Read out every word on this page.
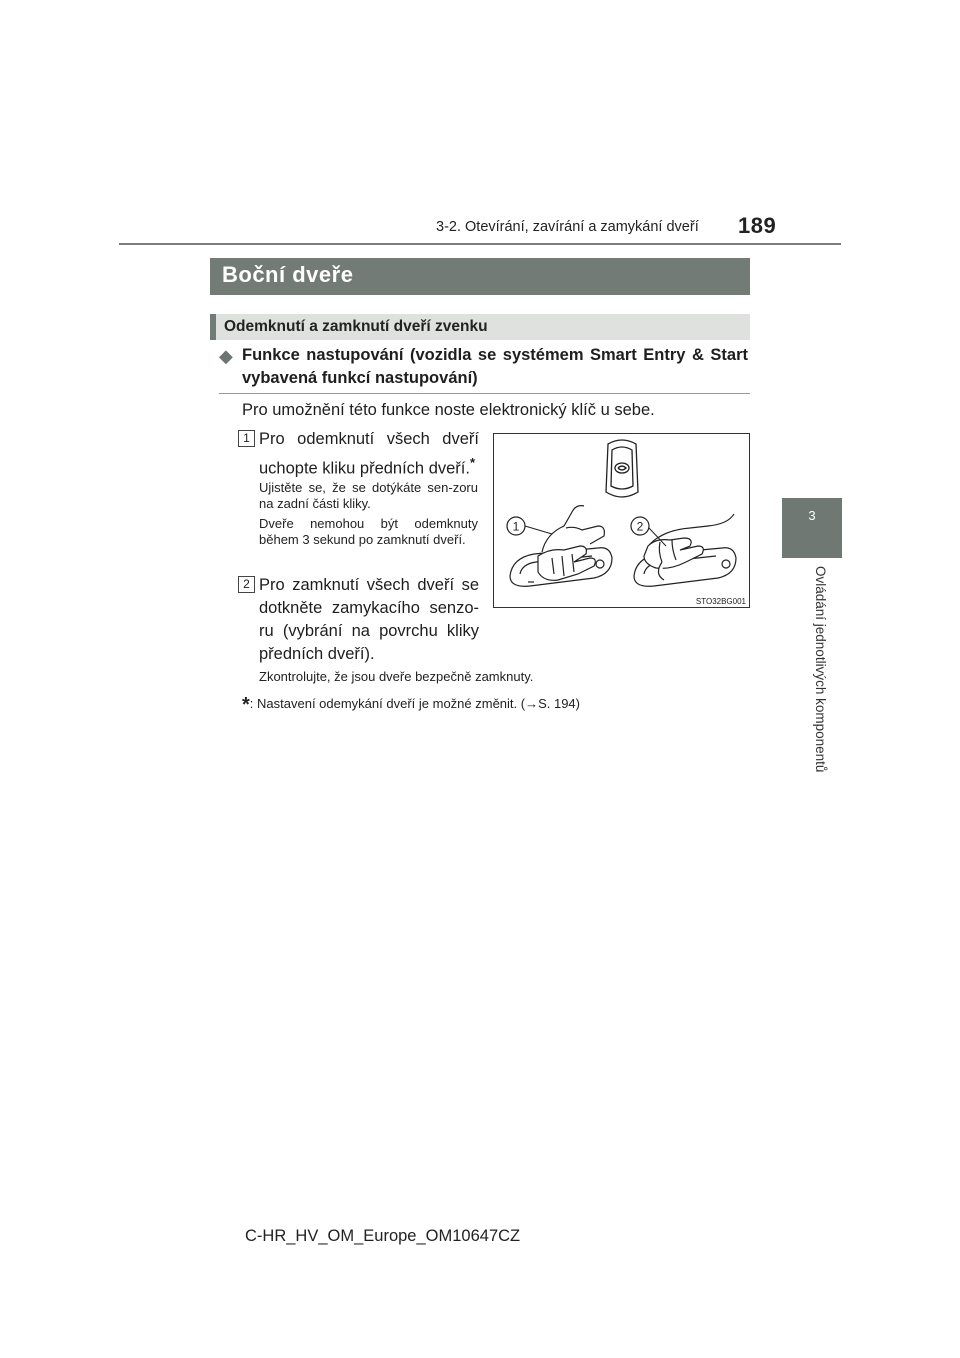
3-2. Otevírání, zavírání a zamykání dveří 189
3
Ovládání jednotlivých komponentů
Boční dveře
Odemknutí a zamknutí dveří zvenku
◆ Funkce nastupování (vozidla se systémem Smart Entry & Start vybavená funkcí nastupování)
Pro umožnění této funkce noste elektronický klíč u sebe.
1 Pro odemknutí všech dveří uchopte kliku předních dveří.*
Ujistěte se, že se dotýkáte sen-zoru na zadní části kliky.
Dveře nemohou být odemknuty během 3 sekund po zamknutí dveří.
2 Pro zamknutí všech dveří se dotkněte zamykacího senzo-ru (vybrání na povrchu kliky předních dveří).
Zkontrolujte, že jsou dveře bezpečně zamknuty.
*: Nastavení odemykání dveří je možné změnit. (→S. 194)
1	2
STO32BG001
C-HR_HV_OM_Europe_OM10647CZ
